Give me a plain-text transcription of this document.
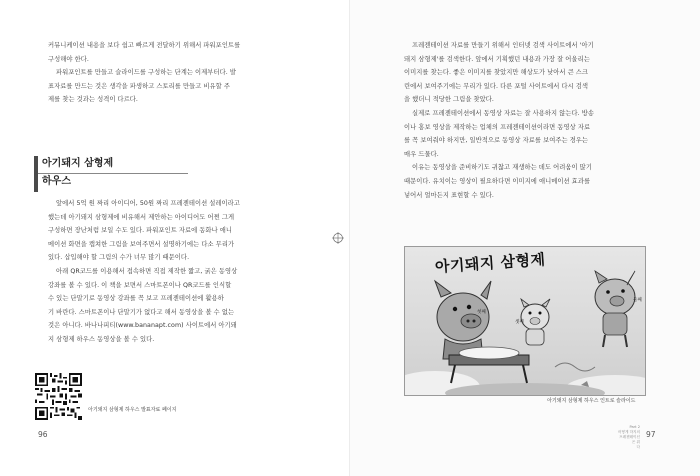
커뮤니케이션 내용을 보다 쉽고 빠르게 전달하기 위해서 파워포인트를

구성해야 한다.

파워포인트를 만들고 슬라이드를 구성하는 단계는 이제부터다. 발

표자료를 만드는 것은 생각을 파생하고 스토리를 만들고 비유할 주

제를 찾는 것과는 성격이 다르다.

아기돼지 삼형제
하우스

앞에서 5억 원 짜리 아이디어, 50원 짜리 프레젠테이션 설레이라고

했는데 아기돼지 삼형제에 비유해서 제안하는 아이디어도 어쩐 그게

구성하면 장난처럼 보일 수도 있다. 파워포인트 자료에 동화나 애니

메이션 화면을 캡쳐한 그림을 보여주면서 설명하기에는 다소 무리가

있다. 삽입해야 할 그림의 수가 너무 많기 때문이다.

아래 QR코드를 이용해서 접속하면 직접 제작한 짧고, 굵은 동영상

강좌를 볼 수 있다. 이 책을 보면서 스마트폰이나 QR코드를 인식할

수 있는 단말기로 동영상 강좌를 꼭 보고 프레젠테이션에 활용하

기 바란다. 스마트폰이나 단말기가 없다고 해서 동영상을 볼 수 없는

것은 아니다. 바나나피티(www.bananapt.com) 사이트에서 아기돼

지 삼형제 하우스 동영상을 볼 수 있다.

아기돼지 삼형제 하우스 발표자료 페이지
96

프레젠테이션 자료를 만들기 위해서 인터넷 검색 사이트에서 '아기

돼지 삼형제'를 검색한다. 앞에서 기획했던 내용과 가장 잘 어울리는

이미지를 찾는다. 좋은 이미지를 찾았지만 해상도가 낮아서 큰 스크

린에서 보여주기에는 무리가 있다. 다른 포털 사이트에서 다시 검색

을 했더니 적당한 그림을 찾았다.

실제로 프레젠테이션에서 동영상 자료는 잘 사용하지 않는다. 방송

이나 홍보 영상을 제작하는 업체의 프레젠테이션이라면 동영상 자료

를 꼭 보여줘야 하지만, 일반적으로 동영상 자료를 보여주는 경우는

매우 드물다.

이유는 동영상을 준비하기도 귀찮고 재생하는 데도 어려움이 많기

때문이다. 유치이는 영상이 필요하다면 이미지에 애니메이션 효과를

넣어서 얼마든지 표현할 수 있다.

아기돼지 삼형제
첫째
셋째
둘째
아기돼지 삼형제 하우스 인트로 슬라이드
Part 2
어떻게 하지의
프레젠테이션
은 뭐
다
97
